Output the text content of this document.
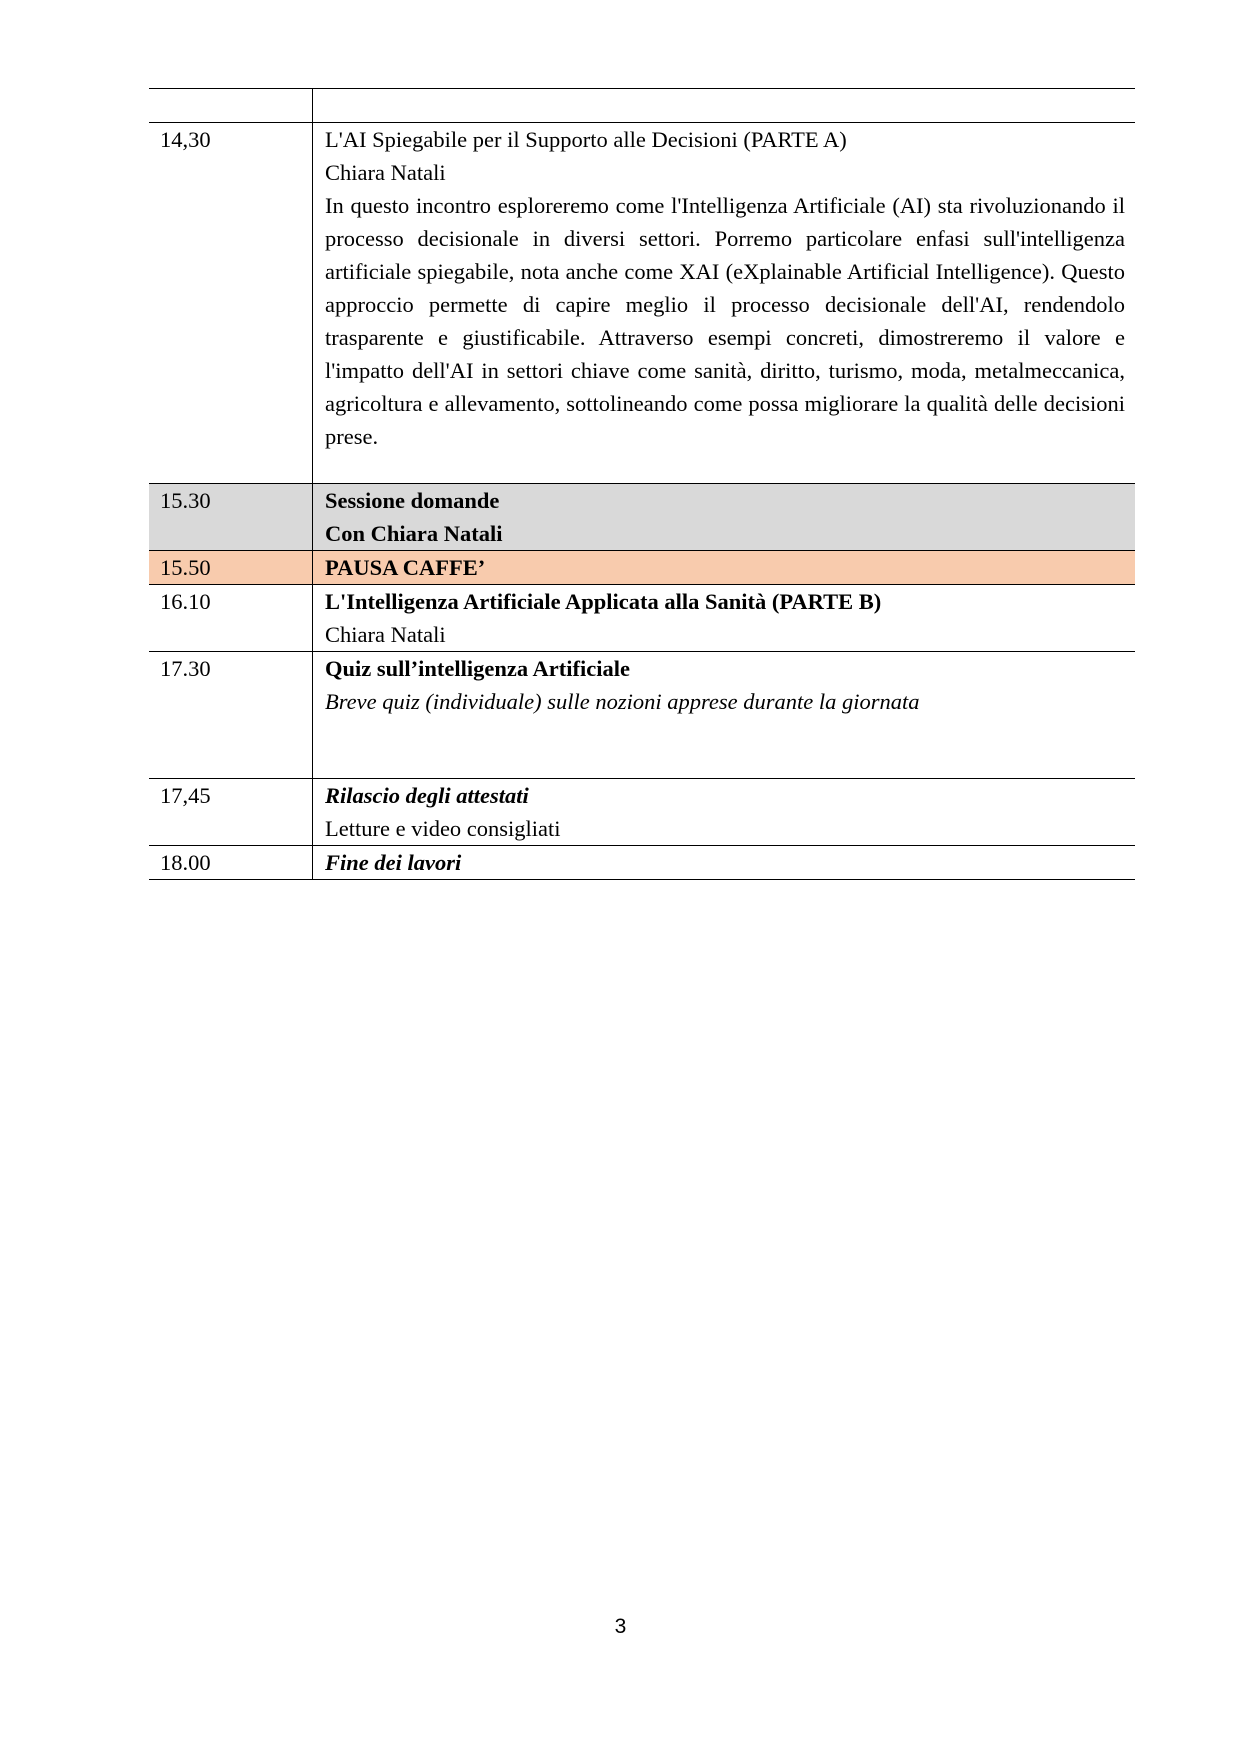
14,30	L'AI Spiegabile per il Supporto alle Decisioni (PARTE A)
Chiara Natali
In questo incontro esploreremo come l'Intelligenza Artificiale (AI) sta rivoluzionando il processo decisionale in diversi settori. Porremo particolare enfasi sull'intelligenza artificiale spiegabile, nota anche come XAI (eXplainable Artificial Intelligence). Questo approccio permette di capire meglio il processo decisionale dell'AI, rendendolo trasparente e giustificabile. Attraverso esempi concreti, dimostreremo il valore e l'impatto dell'AI in settori chiave come sanità, diritto, turismo, moda, metalmeccanica, agricoltura e allevamento, sottolineando come possa migliorare la qualità delle decisioni prese.

15.30	Sessione domande
Con Chiara Natali

15.50	PAUSA CAFFE’

16.10	L'Intelligenza Artificiale Applicata alla Sanità (PARTE B)
Chiara Natali

17.30	Quiz sull’intelligenza Artificiale
Breve quiz (individuale) sulle nozioni apprese durante la giornata

17,45	Rilascio degli attestati
Letture e video consigliati

18.00	Fine dei lavori
3
